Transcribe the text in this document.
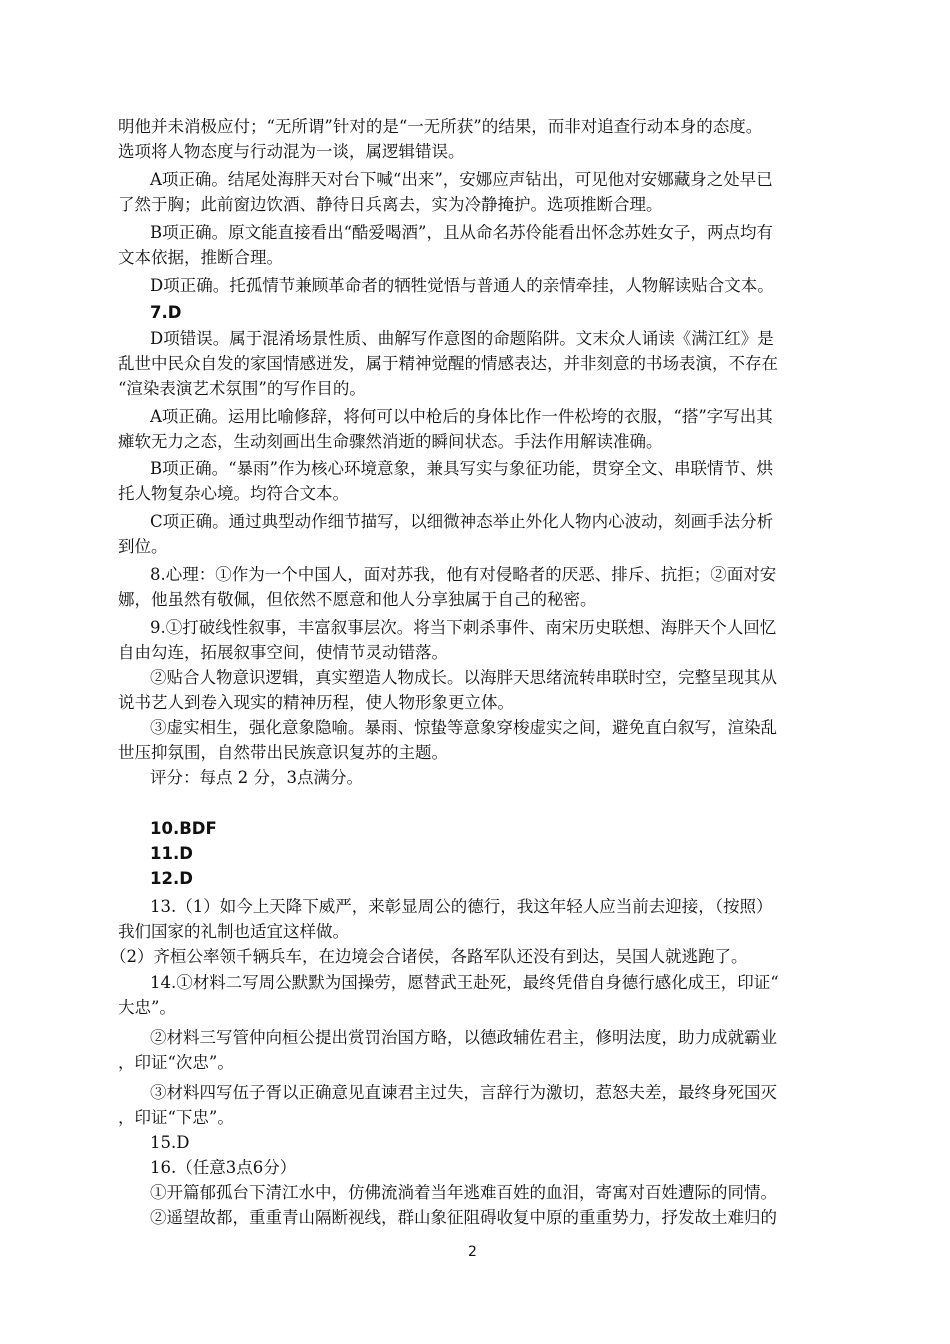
明他并未消极应付；“无所谓”针对的是“一无所获”的结果，而非对追查行动本身的态度。
选项将人物态度与行动混为一谈，属逻辑错误。

A项正确。结尾处海胖天对台下喊“出来”，安娜应声钻出，可见他对安娜藏身之处早已
了然于胸；此前窗边饮酒、静待日兵离去，实为冷静掩护。选项推断合理。

B项正确。原文能直接看出“酷爱喝酒”，且从命名苏伶能看出怀念苏姓女子，两点均有
文本依据，推断合理。

D项正确。托孤情节兼顾革命者的牺牲觉悟与普通人的亲情牵挂，人物解读贴合文本。

7.D

D项错误。属于混淆场景性质、曲解写作意图的命题陷阱。文末众人诵读《满江红》是
乱世中民众自发的家国情感迸发，属于精神觉醒的情感表达，并非刻意的书场表演，不存在
“渲染表演艺术氛围”的写作目的。

A项正确。运用比喻修辞，将何可以中枪后的身体比作一件松垮的衣服，“搭”字写出其
瘫软无力之态，生动刻画出生命骤然消逝的瞬间状态。手法作用解读准确。

B项正确。“暴雨”作为核心环境意象，兼具写实与象征功能，贯穿全文、串联情节、烘
托人物复杂心境。均符合文本。

C项正确。通过典型动作细节描写，以细微神态举止外化人物内心波动，刻画手法分析
到位。

8.心理：①作为一个中国人，面对苏我，他有对侵略者的厌恶、排斥、抗拒；②面对安
娜，他虽然有敬佩，但依然不愿意和他人分享独属于自己的秘密。

9.①打破线性叙事，丰富叙事层次。将当下刺杀事件、南宋历史联想、海胖天个人回忆
自由勾连，拓展叙事空间，使情节灵动错落。
②贴合人物意识逻辑，真实塑造人物成长。以海胖天思绪流转串联时空，完整呈现其从
说书艺人到卷入现实的精神历程，使人物形象更立体。
③虚实相生，强化意象隐喻。暴雨、惊蛰等意象穿梭虚实之间，避免直白叙写，渲染乱
世压抑氛围，自然带出民族意识复苏的主题。
评分：每点 2 分，3点满分。

10.BDF
11.D
12.D

13.（1）如今上天降下威严，来彰显周公的德行，我这年轻人应当前去迎接，（按照）
我们国家的礼制也适宜这样做。
（2）齐桓公率领千辆兵车，在边境会合诸侯，各路军队还没有到达，吴国人就逃跑了。

14.①材料二写周公默默为国操劳，愿替武王赴死，最终凭借自身德行感化成王，印证“
大忠”。
②材料三写管仲向桓公提出赏罚治国方略，以德政辅佐君主，修明法度，助力成就霸业
，印证“次忠”。
③材料四写伍子胥以正确意见直谏君主过失，言辞行为激切，惹怒夫差，最终身死国灭
，印证“下忠”。

15.D
16.（任意3点6分）
①开篇郁孤台下清江水中，仿佛流淌着当年逃难百姓的血泪，寄寓对百姓遭际的同情。
②遥望故都，重重青山隔断视线，群山象征阻碍收复中原的重重势力，抒发故土难归的

2
